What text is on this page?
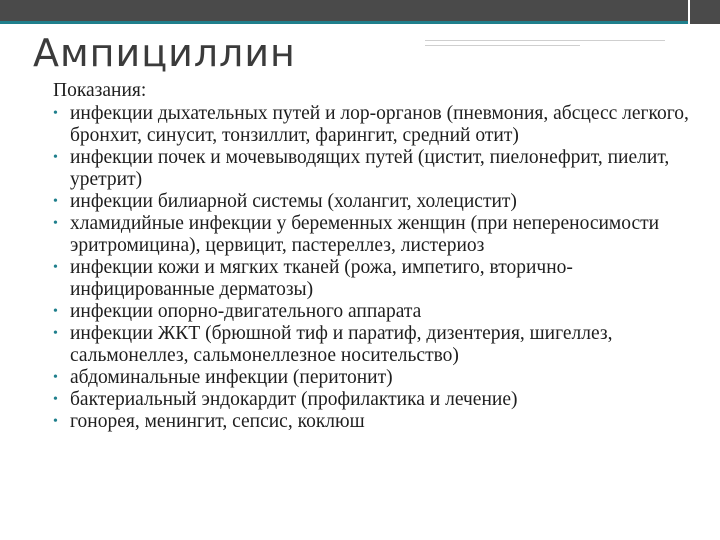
Ампициллин

Показания:

• инфекции дыхательных путей и лор-органов (пневмония, абсцесс легкого, бронхит, синусит, тонзиллит, фарингит, средний отит)
• инфекции почек и мочевыводящих путей (цистит, пиелонефрит, пиелит, уретрит)
• инфекции билиарной системы (холангит, холецистит)
• хламидийные инфекции у беременных женщин (при непереносимости эритромицина), цервицит, пастереллез, листериоз
• инфекции кожи и мягких тканей (рожа, импетиго, вторично-инфицированные дерматозы)
• инфекции опорно-двигательного аппарата
• инфекции ЖКТ (брюшной тиф и паратиф, дизентерия, шигеллез, сальмонеллез, сальмонеллезное носительство)
• абдоминальные инфекции (перитонит)
• бактериальный эндокардит (профилактика и лечение)
• гонорея, менингит, сепсис, коклюш
